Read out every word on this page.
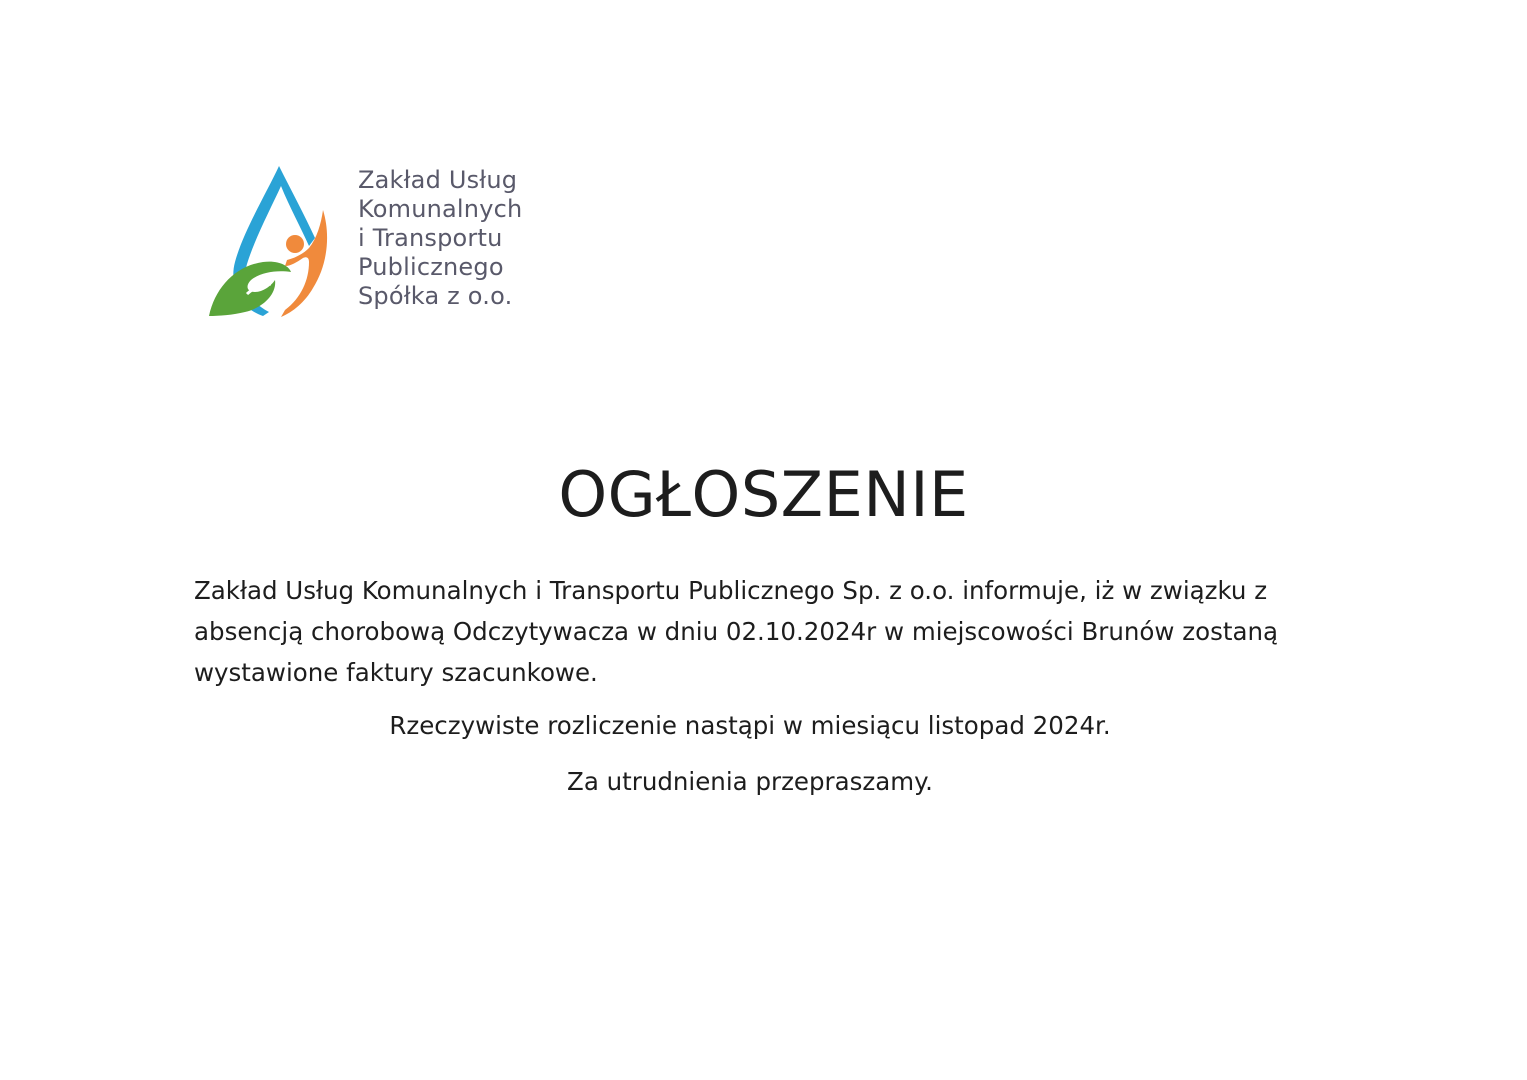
Zakład Usług
Komunalnych
i Transportu
Publicznego
Spółka z o.o.
OGŁOSZENIE
Zakład Usług Komunalnych i Transportu Publicznego Sp. z o.o. informuje, iż w związku z absencją chorobową Odczytywacza w dniu 02.10.2024r w miejscowości Brunów zostaną wystawione faktury szacunkowe.
Rzeczywiste rozliczenie nastąpi w miesiącu listopad 2024r.
Za utrudnienia przepraszamy.
